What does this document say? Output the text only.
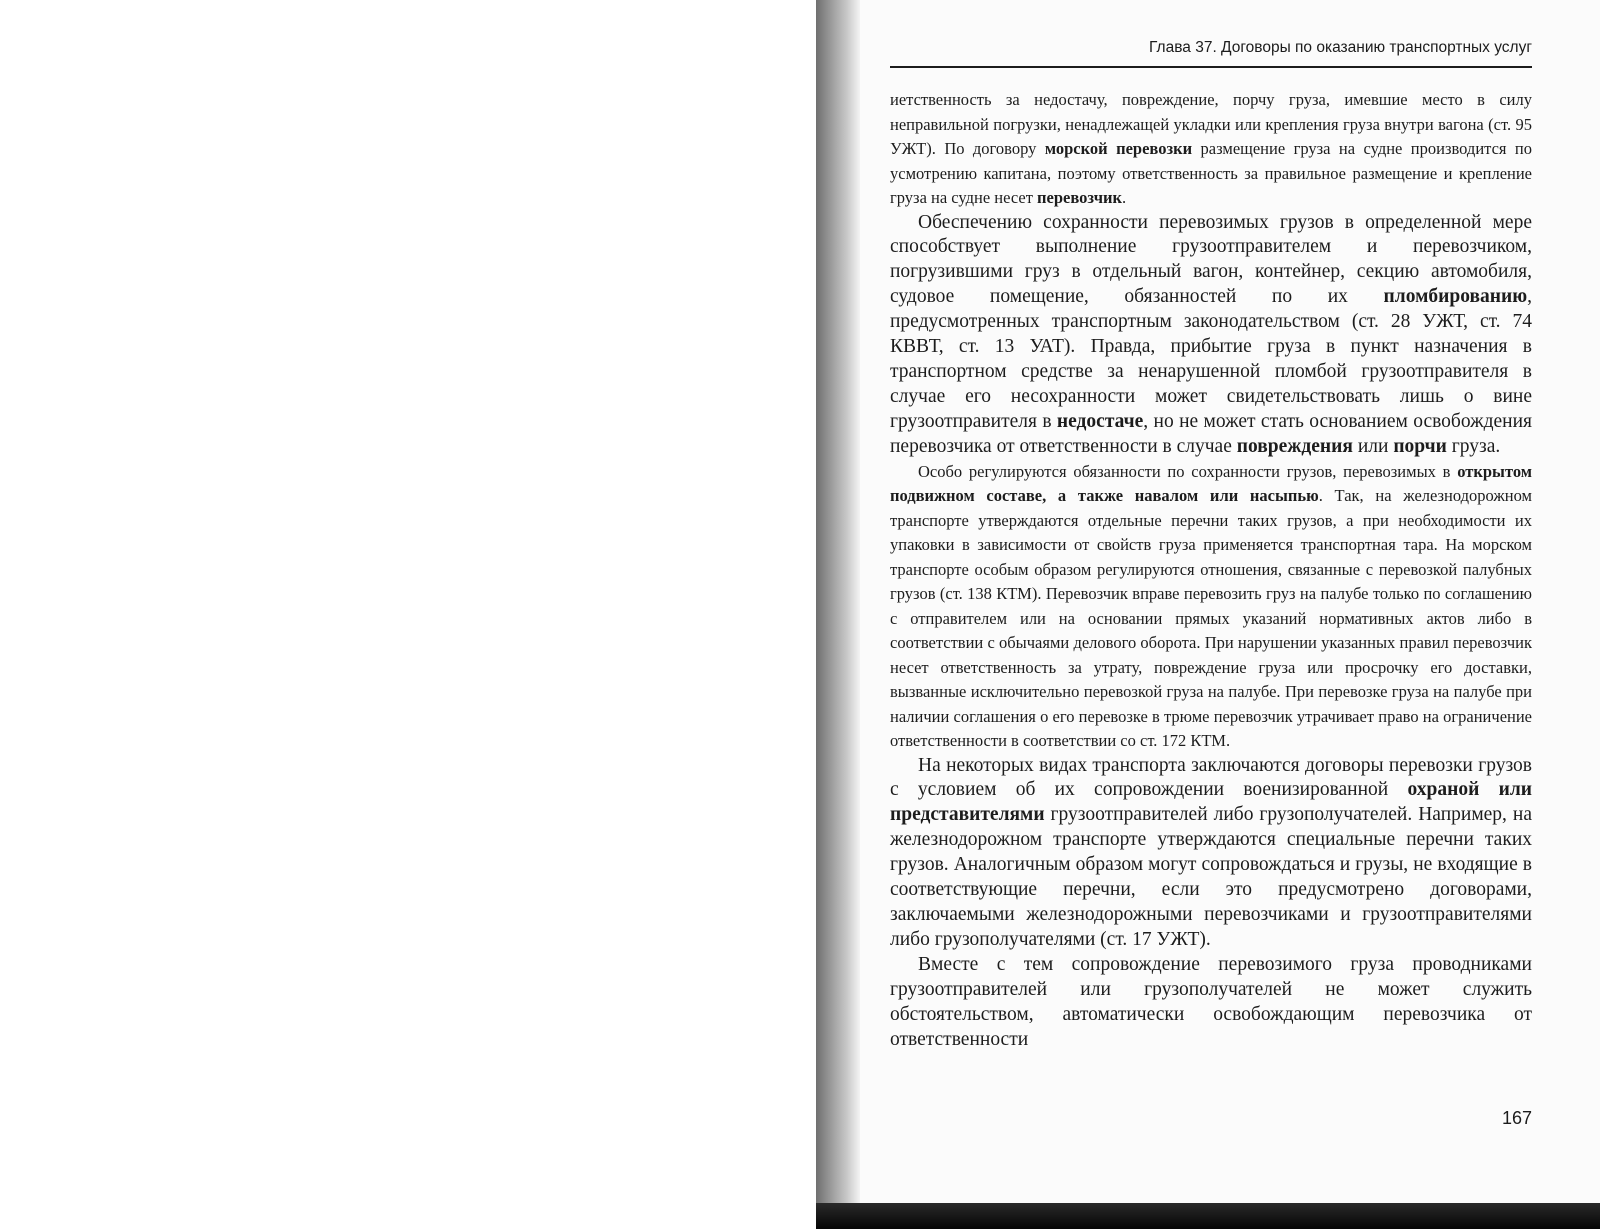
Глава 37. Договоры по оказанию транспортных услуг

иетственность за недостачу, повреждение, порчу груза, имевшие место в силу неправильной погрузки, ненадлежащей укладки или крепления груза внутри вагона (ст. 95 УЖТ). По договору морской перевозки размещение груза на судне производится по усмотрению капитана, поэтому ответственность за правильное размещение и крепление груза на судне несет перевозчик.

Обеспечению сохранности перевозимых грузов в определенной мере способствует выполнение грузоотправителем и перевозчиком, погрузившими груз в отдельный вагон, контейнер, секцию автомобиля, судовое помещение, обязанностей по их пломбированию, предусмотренных транспортным законодательством (ст. 28 УЖТ, ст. 74 КВВТ, ст. 13 УАТ). Правда, прибытие груза в пункт назначения в транспортном средстве за ненарушенной пломбой грузоотправителя в случае его несохранности может свидетельствовать лишь о вине грузоотправителя в недостаче, но не может стать основанием освобождения перевозчика от ответственности в случае повреждения или порчи груза.

Особо регулируются обязанности по сохранности грузов, перевозимых в открытом подвижном составе, а также навалом или насыпью. Так, на железнодорожном транспорте утверждаются отдельные перечни таких грузов, а при необходимости их упаковки в зависимости от свойств груза применяется транспортная тара. На морском транспорте особым образом регулируются отношения, связанные с перевозкой палубных грузов (ст. 138 КТМ). Перевозчик вправе перевозить груз на палубе только по соглашению с отправителем или на основании прямых указаний нормативных актов либо в соответствии с обычаями делового оборота. При нарушении указанных правил перевозчик несет ответственность за утрату, повреждение груза или просрочку его доставки, вызванные исключительно перевозкой груза на палубе. При перевозке груза на палубе при наличии соглашения о его перевозке в трюме перевозчик утрачивает право на ограничение ответственности в соответствии со ст. 172 КТМ.

На некоторых видах транспорта заключаются договоры перевозки грузов с условием об их сопровождении военизированной охраной или представителями грузоотправителей либо грузополучателей. Например, на железнодорожном транспорте утверждаются специальные перечни таких грузов. Аналогичным образом могут сопровождаться и грузы, не входящие в соответствующие перечни, если это предусмотрено договорами, заключаемыми железнодорожными перевозчиками и грузоотправителями либо грузополучателями (ст. 17 УЖТ).

Вместе с тем сопровождение перевозимого груза проводниками грузоотправителей или грузополучателей не может служить обстоятельством, автоматически освобождающим перевозчика от ответственности

167
